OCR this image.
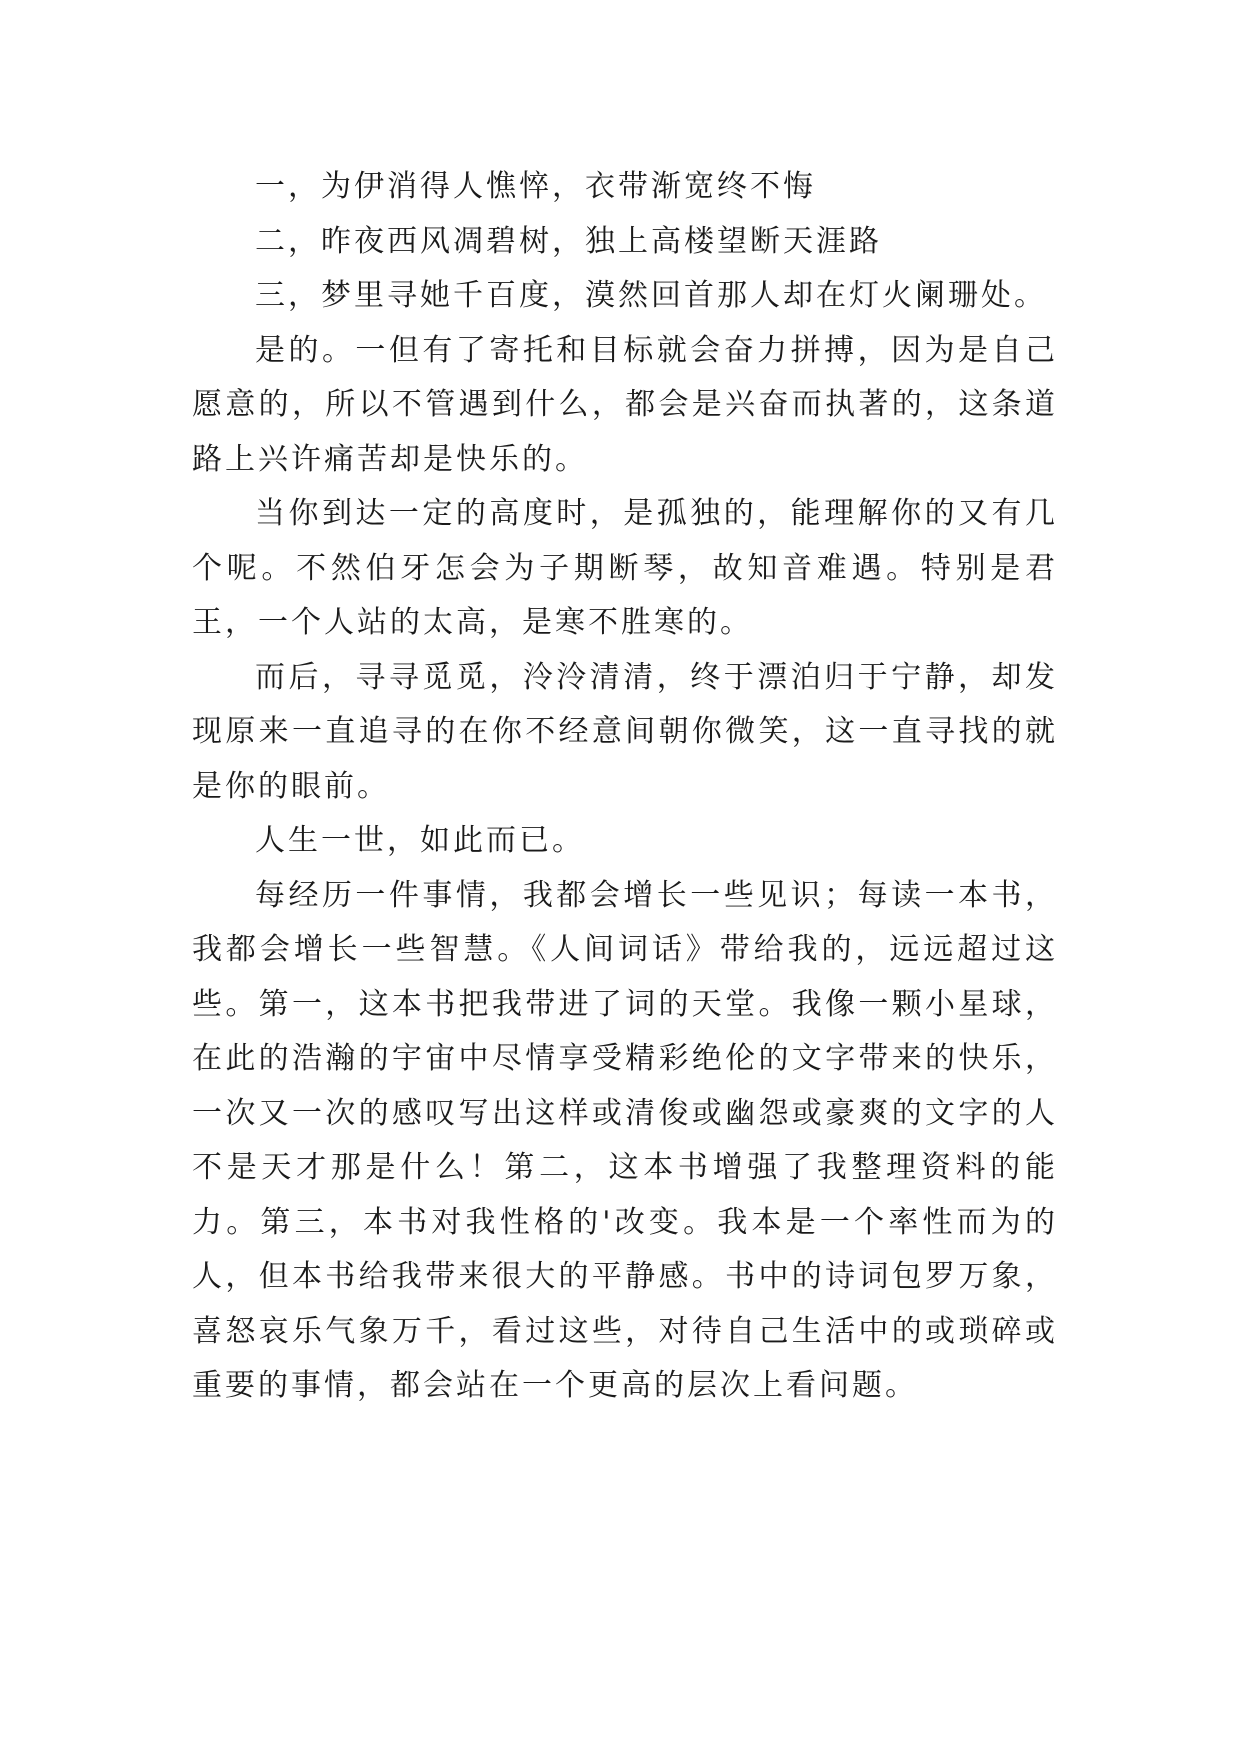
一，为伊消得人憔悴，衣带渐宽终不悔

二，昨夜西风凋碧树，独上高楼望断天涯路

三，梦里寻她千百度，漠然回首那人却在灯火阑珊处。

是的。一但有了寄托和目标就会奋力拼搏，因为是自己愿意的，所以不管遇到什么，都会是兴奋而执著的，这条道路上兴许痛苦却是快乐的。

当你到达一定的高度时，是孤独的，能理解你的又有几个呢。不然伯牙怎会为子期断琴，故知音难遇。特别是君王，一个人站的太高，是寒不胜寒的。

而后，寻寻觅觅，泠泠清清，终于漂泊归于宁静，却发现原来一直追寻的在你不经意间朝你微笑，这一直寻找的就是你的眼前。

人生一世，如此而已。

每经历一件事情，我都会增长一些见识；每读一本书，我都会增长一些智慧。《人间词话》带给我的，远远超过这些。第一，这本书把我带进了词的天堂。我像一颗小星球，在此的浩瀚的宇宙中尽情享受精彩绝伦的文字带来的快乐，一次又一次的感叹写出这样或清俊或幽怨或豪爽的文字的人不是天才那是什么！第二，这本书增强了我整理资料的能力。第三，本书对我性格的'改变。我本是一个率性而为的人，但本书给我带来很大的平静感。书中的诗词包罗万象，喜怒哀乐气象万千，看过这些，对待自己生活中的或琐碎或重要的事情，都会站在一个更高的层次上看问题。
